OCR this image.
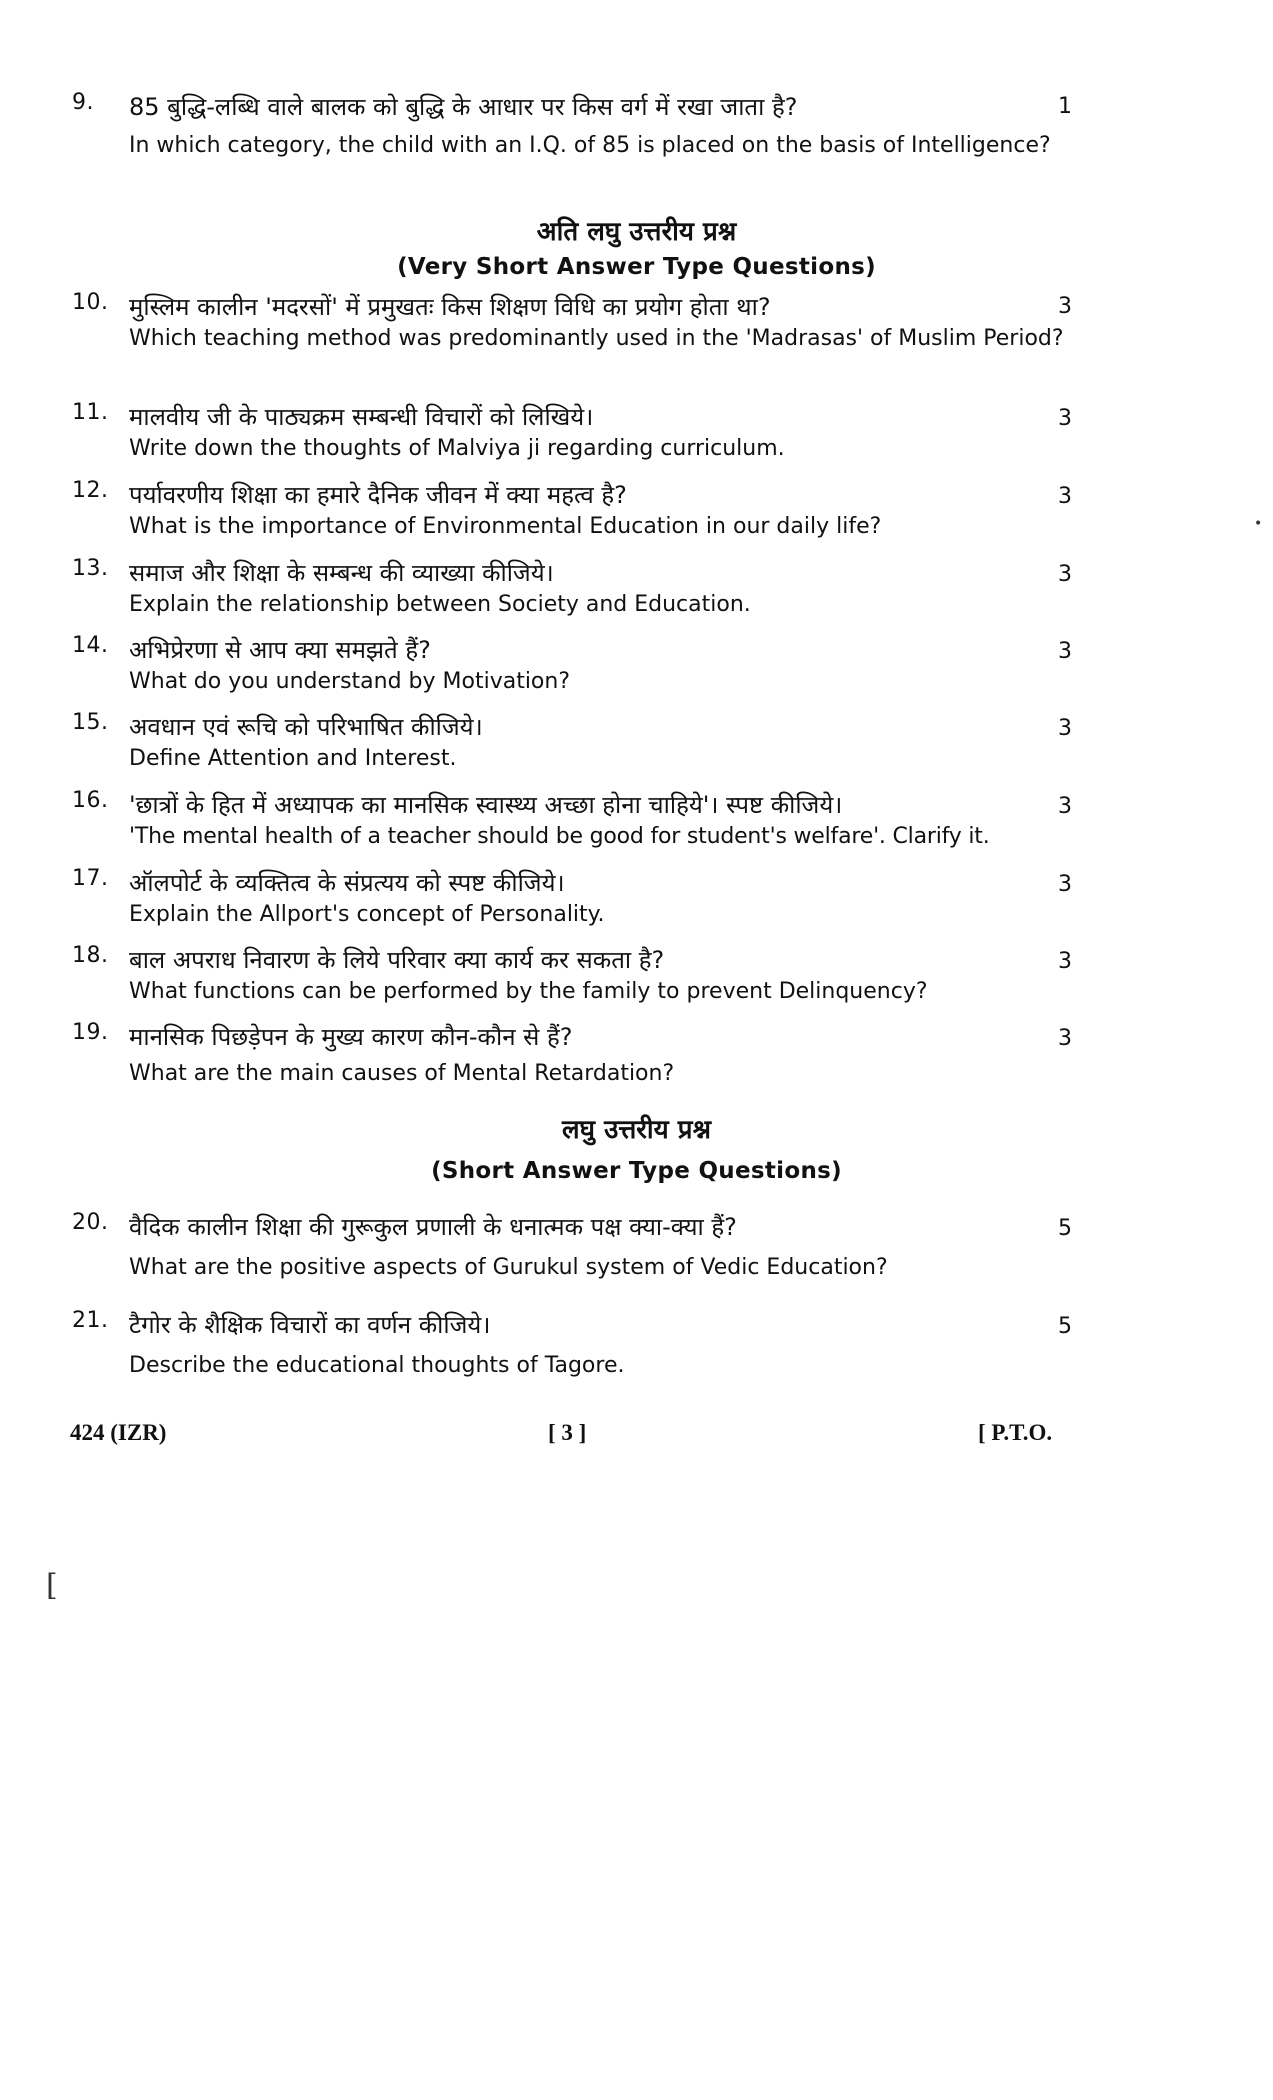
9. 85 बुद्धि-लब्धि वाले बालक को बुद्धि के आधार पर किस वर्ग में रखा जाता है?	1
In which category, the child with an I.Q. of 85 is placed on the basis of Intelligence?
अति लघु उत्तरीय प्रश्न
(Very Short Answer Type Questions)
10. मुस्लिम कालीन 'मदरसों' में प्रमुखतः किस शिक्षण विधि का प्रयोग होता था?	3
Which teaching method was predominantly used in the 'Madrasas' of Muslim Period?
11. मालवीय जी के पाठ्यक्रम सम्बन्धी विचारों को लिखिये।	3
Write down the thoughts of Malviya ji regarding curriculum.
12. पर्यावरणीय शिक्षा का हमारे दैनिक जीवन में क्या महत्व है?	3
What is the importance of Environmental Education in our daily life?
13. समाज और शिक्षा के सम्बन्ध की व्याख्या कीजिये।	3
Explain the relationship between Society and Education.
14. अभिप्रेरणा से आप क्या समझते हैं?	3
What do you understand by Motivation?
15. अवधान एवं रूचि को परिभाषित कीजिये।	3
Define Attention and Interest.
16. 'छात्रों के हित में अध्यापक का मानसिक स्वास्थ्य अच्छा होना चाहिये'। स्पष्ट कीजिये।	3
'The mental health of a teacher should be good for student's welfare'. Clarify it.
17. ऑलपोर्ट के व्यक्तित्व के संप्रत्यय को स्पष्ट कीजिये।	3
Explain the Allport's concept of Personality.
18. बाल अपराध निवारण के लिये परिवार क्या कार्य कर सकता है?	3
What functions can be performed by the family to prevent Delinquency?
19. मानसिक पिछड़ेपन के मुख्य कारण कौन-कौन से हैं?	3
What are the main causes of Mental Retardation?
लघु उत्तरीय प्रश्न
(Short Answer Type Questions)
20. वैदिक कालीन शिक्षा की गुरूकुल प्रणाली के धनात्मक पक्ष क्या-क्या हैं?	5
What are the positive aspects of Gurukul system of Vedic Education?
21. टैगोर के शैक्षिक विचारों का वर्णन कीजिये।	5
Describe the educational thoughts of Tagore.
424 (IZR)	[ 3 ]	[ P.T.O.
[
•
